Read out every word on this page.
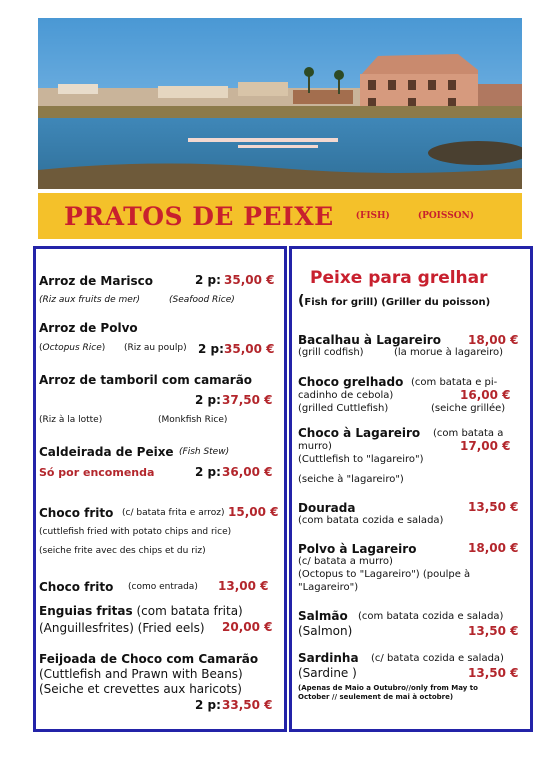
PRATOS DE PEIXE (FISH)	(POISSON)
Arroz de Marisco	2 p: 35,00 €
(Riz aux fruits de mer)	(Seafood Rice)
Arroz de Polvo
(Octopus Rice) (Riz au poulp) 2 p: 35,00 €
Arroz de tamboril com camarão
2 p: 37,50 €
(Riz à la lotte)	(Monkfish Rice)
Caldeirada de Peixe (Fish Stew)
Só por encomenda	2 p: 36,00 €
Choco frito (c/ batata frita e arroz) 15,00 €
(cuttlefish fried with potato chips and rice)
(seiche frite avec des chips et du riz)
Choco frito (como entrada) 13,00 €
Enguias fritas (com batata frita)
(Anguillesfrites) (Fried eels) 20,00 €
Feijoada de Choco com Camarão
(Cuttlefish and Prawn with Beans)
(Seiche et crevettes aux haricots)
2 p: 33,50 €
Peixe para grelhar
(Fish for grill) (Griller du poisson)
Bacalhau à Lagareiro 18,00 €
(grill codfish)	(la morue à lagareiro)
Choco grelhado (com batata e pi-
cadinho de cebola)	16,00 €
(grilled Cuttlefish)	(seiche grillée)
Choco à Lagareiro (com batata a
murro)	17,00 €
(Cuttlefish to "lagareiro")
(seiche à "lagareiro")
Dourada	13,50 €
(com batata cozida e salada)
Polvo à Lagareiro	18,00 €
(c/ batata a murro)
(Octopus to "Lagareiro") (poulpe à
"Lagareiro")
Salmão (com batata cozida e salada)
(Salmon)	13,50 €
Sardinha (c/ batata cozida e salada)
(Sardine )	13,50 €
(Apenas de Maio a Outubro//only from May to
October // seulement de mai à octobre)
